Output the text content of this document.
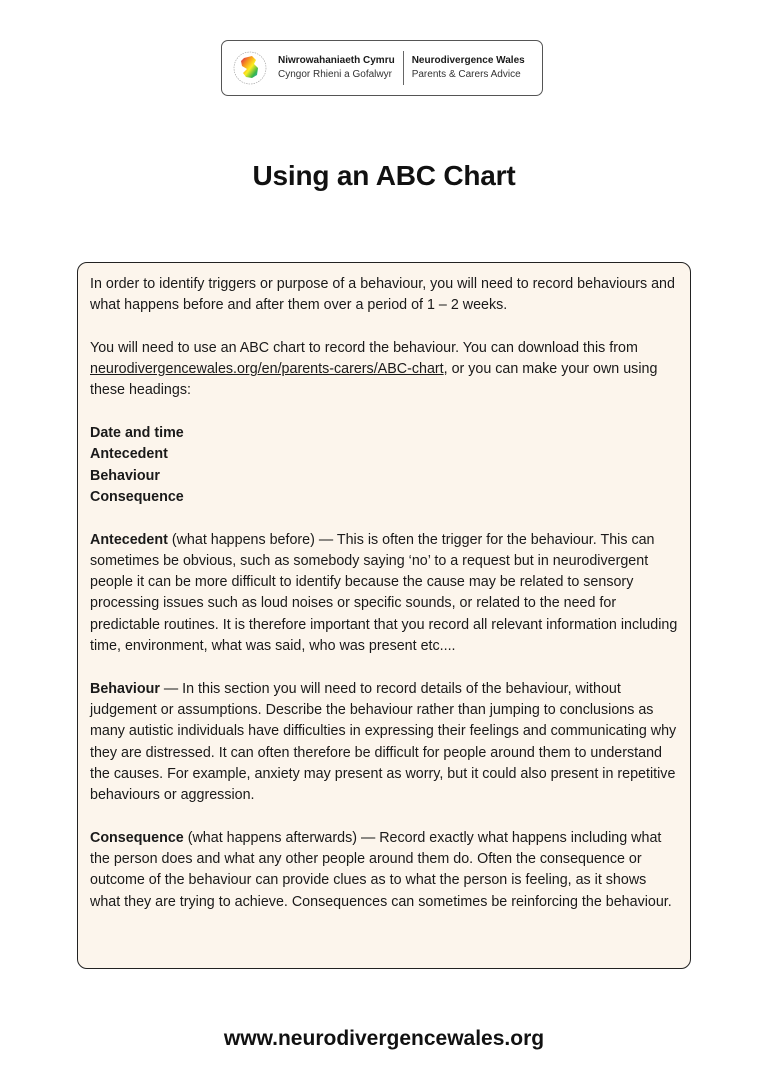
Niwrowahaniaeth Cymru
Cyngor Rhieni a Gofalwyr
Neurodivergence Wales
Parents & Carers Advice
Using an ABC Chart

In order to identify triggers or purpose of a behaviour, you will need to record behaviours and what happens before and after them over a period of 1 – 2 weeks.

You will need to use an ABC chart to record the behaviour. You can download this from neurodivergencewales.org/en/parents-carers/ABC-chart, or you can make your own using these headings:

Date and time
Antecedent
Behaviour
Consequence

Antecedent (what happens before) — This is often the trigger for the behaviour. This can sometimes be obvious, such as somebody saying ‘no’ to a request but in neurodivergent people it can be more difficult to identify because the cause may be related to sensory processing issues such as loud noises or specific sounds, or related to the need for predictable routines. It is therefore important that you record all relevant information including time, environment, what was said, who was present etc....

Behaviour — In this section you will need to record details of the behaviour, without judgement or assumptions. Describe the behaviour rather than jumping to conclusions as many autistic individuals have difficulties in expressing their feelings and communicating why they are distressed. It can often therefore be difficult for people around them to understand the causes. For example, anxiety may present as worry, but it could also present in repetitive behaviours or aggression.

Consequence (what happens afterwards) — Record exactly what happens including what the person does and what any other people around them do. Often the consequence or outcome of the behaviour can provide clues as to what the person is feeling, as it shows what they are trying to achieve. Consequences can sometimes be reinforcing the behaviour.

www.neurodivergencewales.org
